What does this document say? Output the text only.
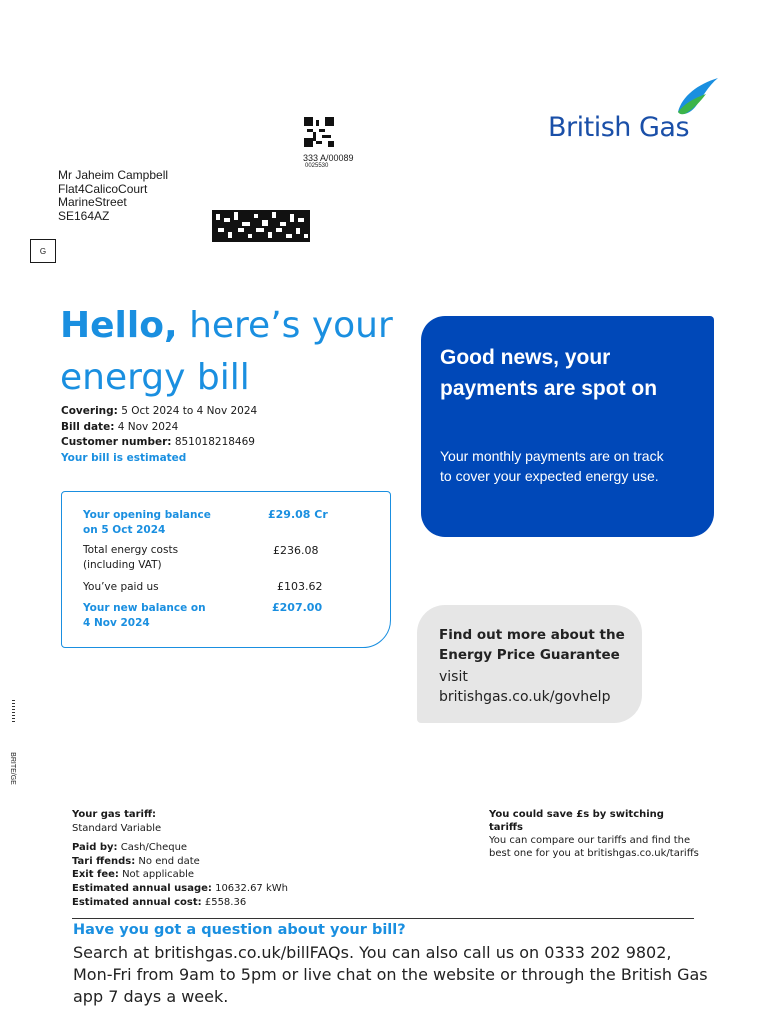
British Gas
333 A/00089
0025530
Mr Jaheim Campbell
Flat4CalicoCourt
MarineStreet
SE164AZ
G
BRITE/GE
Hello, here’s your energy bill
Covering: 5 Oct 2024 to 4 Nov 2024
Bill date: 4 Nov 2024
Customer number: 851018218469
Your bill is estimated
Your opening balance
on 5 Oct 2024
£29.08 Cr
Total energy costs
(including VAT)
£236.08
You’ve paid us	£103.62
Your new balance on
4 Nov 2024
£207.00
Good news, your payments are spot on
Your monthly payments are on track to cover your expected energy use.
Find out more about the
Energy Price Guarantee
visit
britishgas.co.uk/govhelp
Your gas tariff:
Standard Variable
Paid by: Cash/Cheque
Tari ffends: No end date
Exit fee: Not applicable
Estimated annual usage: 10632.67 kWh
Estimated annual cost: £558.36
You could save £s by switching tariffs
You can compare our tariffs and find the best one for you at britishgas.co.uk/tariffs
Have you got a question about your bill?
Search at britishgas.co.uk/billFAQs. You can also call us on 0333 202 9802, Mon-Fri from 9am to 5pm or live chat on the website or through the British Gas app 7 days a week.
